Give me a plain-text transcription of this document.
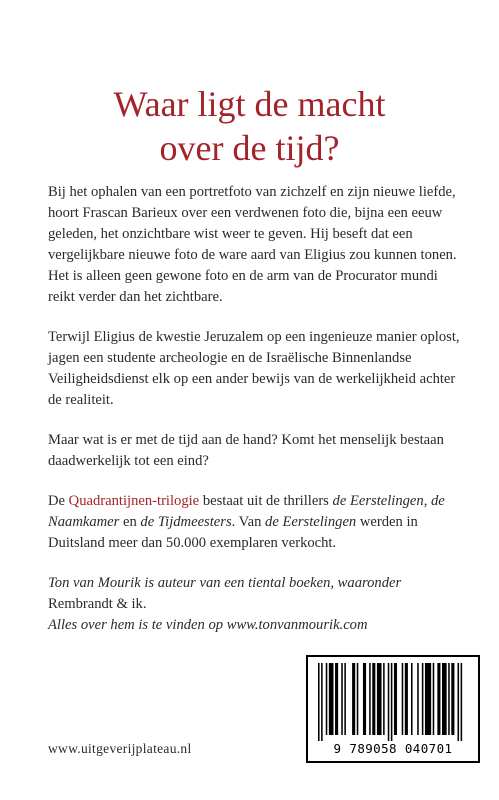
Waar ligt de macht
over de tijd?

Bij het ophalen van een portretfoto van zichzelf en zijn nieuwe liefde, hoort Frascan Barieux over een verdwenen foto die, bijna een eeuw geleden, het onzichtbare wist weer te geven. Hij beseft dat een vergelijkbare nieuwe foto de ware aard van Eligius zou kunnen tonen. Het is alleen geen gewone foto en de arm van de Procurator mundi reikt verder dan het zichtbare.

Terwijl Eligius de kwestie Jeruzalem op een ingenieuze manier oplost, jagen een studente archeologie en de Israëlische Binnenlandse Veiligheidsdienst elk op een ander bewijs van de werkelijkheid achter de realiteit.

Maar wat is er met de tijd aan de hand? Komt het menselijk bestaan daadwerkelijk tot een eind?

De Quadrantijnen-trilogie bestaat uit de thrillers de Eerstelingen, de Naamkamer en de Tijdmeesters. Van de Eerstelingen werden in Duitsland meer dan 50.000 exemplaren verkocht.

Ton van Mourik is auteur van een tiental boeken, waaronder Rembrandt & ik.
Alles over hem is te vinden op www.tonvanmourik.com

www.uitgeverijplateau.nl	9 789058 040701
